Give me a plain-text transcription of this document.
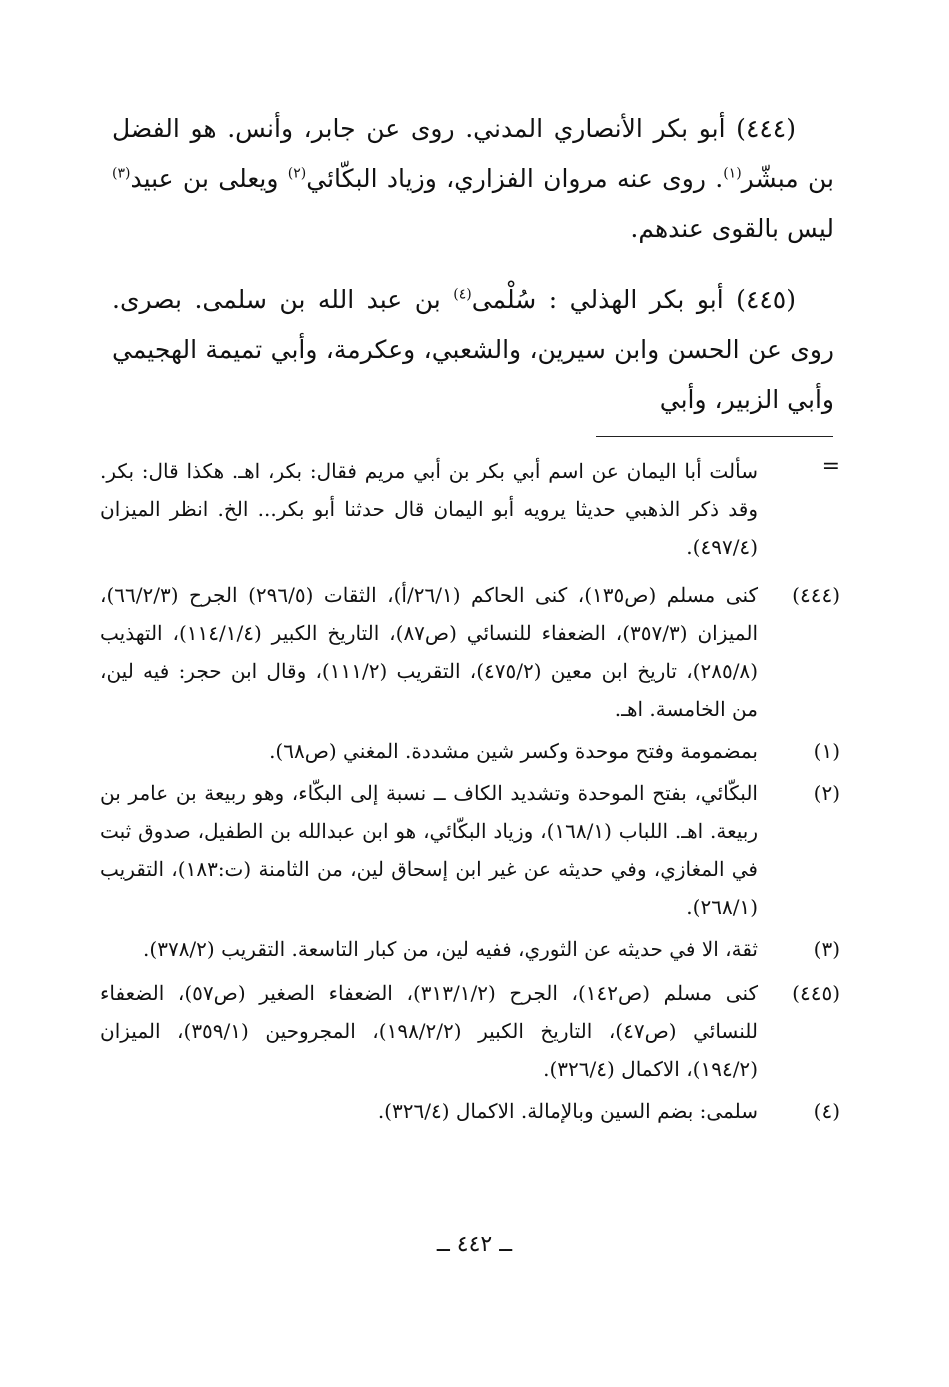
(٤٤٤) أبو بكر الأنصاري المدني. روى عن جابر، وأنس. هو الفضل بن مبشّر$^{(١)}$. روى عنه مروان الفزاري، وزياد البكّائي$^{(٢)}$ ويعلى بن عبيد$^{(٣)}$ ليس بالقوى عندهم.

(٤٤٥) أبو بكر الهذلي : سُلْمى$^{(٤)}$ بن عبد الله بن سلمى. بصرى. روى عن الحسن وابن سيرين، والشعبي، وعكرمة، وأبي تميمة الهجيمي وأبي الزبير، وأبي

=
سألت أبا اليمان عن اسم أبي بكر بن أبي مريم فقال: بكر، اهـ. هكذا قال: بكر. وقد ذكر الذهبي حديثا يرويه أبو اليمان قال حدثنا أبو بكر... الخ. انظر الميزان (٤٩٧/٤).
(٤٤٤)
كنى مسلم (ص١٣٥)، كنى الحاكم (٢٦/١/أ)، الثقات (٢٩٦/٥) الجرح (٦٦/٢/٣)، الميزان (٣٥٧/٣)، الضعفاء للنسائي (ص٨٧)، التاريخ الكبير (١١٤/١/٤)، التهذيب (٢٨٥/٨)، تاريخ ابن معين (٤٧٥/٢)، التقريب (١١١/٢)، وقال ابن حجر: فيه لين، من الخامسة. اهـ.
(١)
بمضمومة وفتح موحدة وكسر شين مشددة. المغني (ص٦٨).
(٢)
البكّائي، بفتح الموحدة وتشديد الكاف ــ نسبة إلى البكّاء، وهو ربيعة بن عامر بن ربيعة. اهـ. اللباب (١٦٨/١)، وزياد البكّائي، هو ابن عبدالله بن الطفيل، صدوق ثبت في المغازي، وفي حديثه عن غير ابن إسحاق لين، من الثامنة (ت:١٨٣)، التقريب (٢٦٨/١).
(٣)
ثقة، الا في حديثه عن الثوري، ففيه لين، من كبار التاسعة. التقريب (٣٧٨/٢).
(٤٤٥)
كنى مسلم (ص١٤٢)، الجرح (٣١٣/١/٢)، الضعفاء الصغير (ص٥٧)، الضعفاء للنسائي (ص٤٧)، التاريخ الكبير (١٩٨/٢/٢)، المجروحين (٣٥٩/١)، الميزان (١٩٤/٢)، الاكمال (٣٢٦/٤).
(٤)
سلمى: بضم السين وبالإمالة. الاكمال (٣٢٦/٤).
ــ ٤٤٢ ــ
